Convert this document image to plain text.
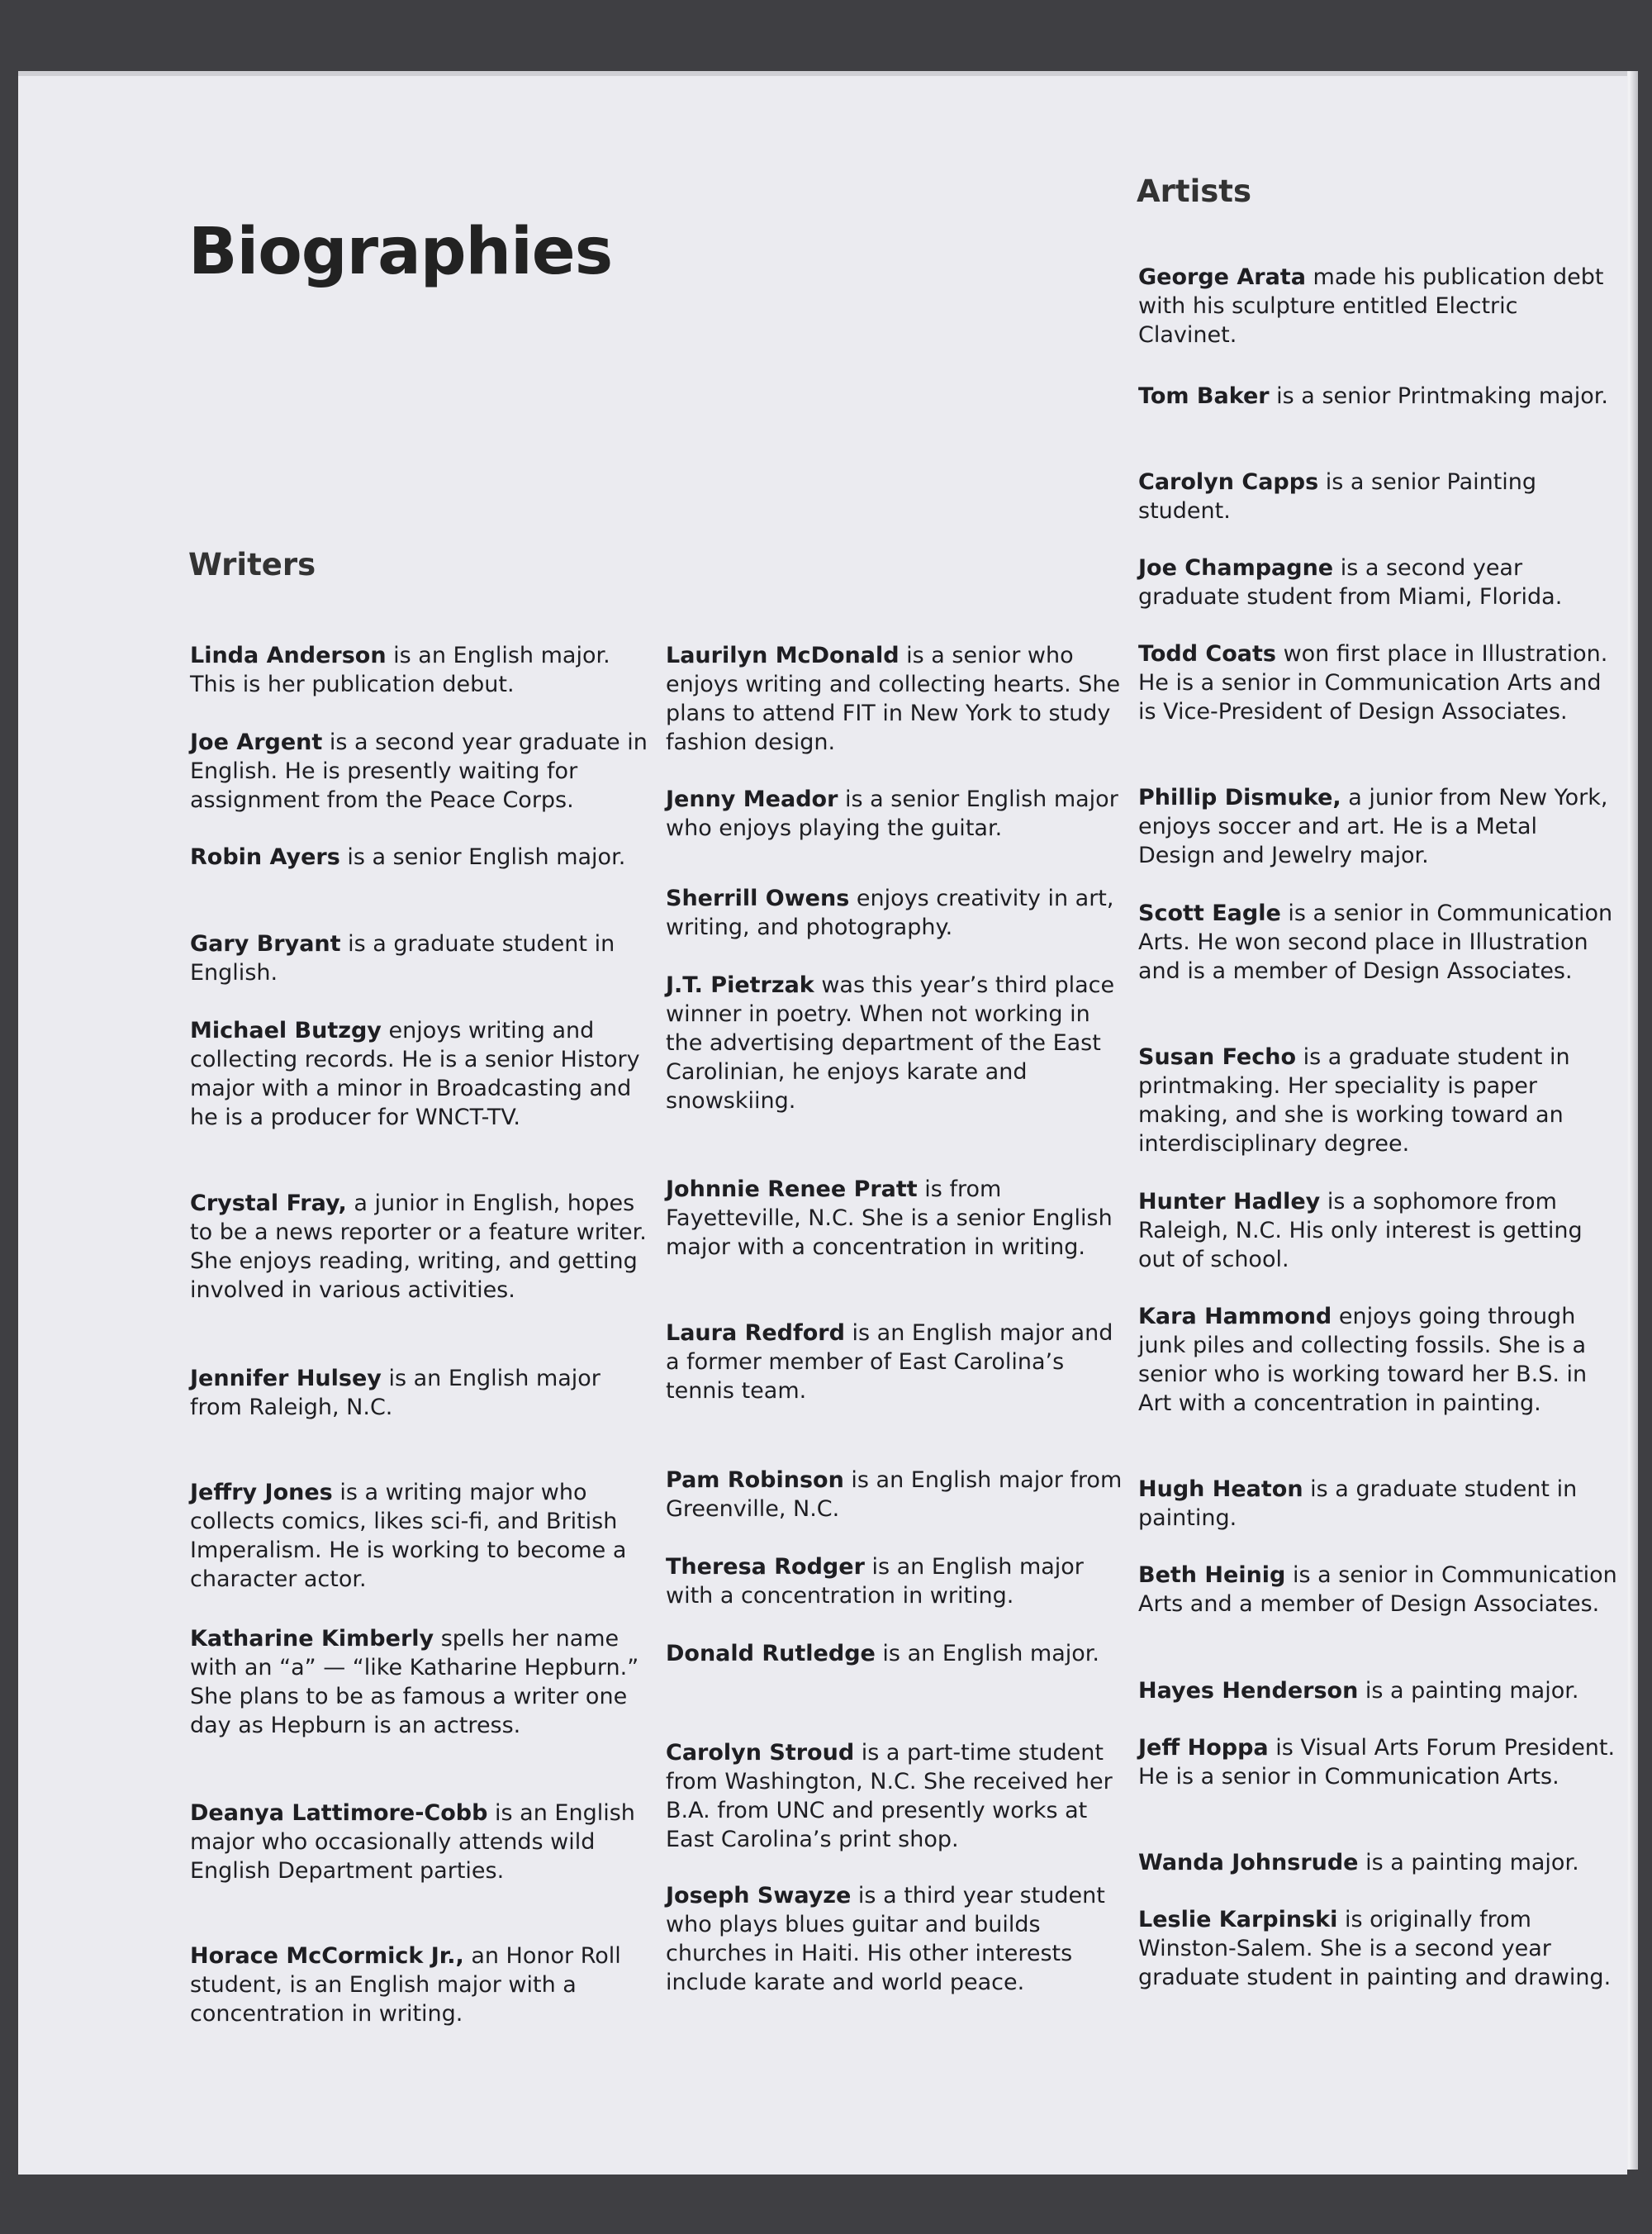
Biographies
Writers
Artists

Linda Anderson is an English major. This is her publication debut.

Joe Argent is a second year graduate in English. He is presently waiting for assignment from the Peace Corps.

Robin Ayers is a senior English major.

Gary Bryant is a graduate student in English.

Michael Butzgy enjoys writing and collecting records. He is a senior History major with a minor in Broadcasting and he is a producer for WNCT-TV.

Crystal Fray, a junior in English, hopes to be a news reporter or a feature writer. She enjoys reading, writing, and getting involved in various activities.

Jennifer Hulsey is an English major from Raleigh, N.C.

Jeffry Jones is a writing major who collects comics, likes sci-fi, and British Imperalism. He is working to become a character actor.

Katharine Kimberly spells her name with an “a” — “like Katharine Hepburn.” She plans to be as famous a writer one day as Hepburn is an actress.

Deanya Lattimore-Cobb is an English major who occasionally attends wild English Department parties.

Horace McCormick Jr., an Honor Roll student, is an English major with a concentration in writing.

Laurilyn McDonald is a senior who enjoys writing and collecting hearts. She plans to attend FIT in New York to study fashion design.

Jenny Meador is a senior English major who enjoys playing the guitar.

Sherrill Owens enjoys creativity in art, writing, and photography.

J.T. Pietrzak was this year’s third place winner in poetry. When not working in the advertising department of the East Carolinian, he enjoys karate and snowskiing.

Johnnie Renee Pratt is from Fayetteville, N.C. She is a senior English major with a concentration in writing.

Laura Redford is an English major and a former member of East Carolina’s tennis team.

Pam Robinson is an English major from Greenville, N.C.

Theresa Rodger is an English major with a concentration in writing.

Donald Rutledge is an English major.

Carolyn Stroud is a part-time student from Washington, N.C. She received her B.A. from UNC and presently works at East Carolina’s print shop.

Joseph Swayze is a third year student who plays blues guitar and builds churches in Haiti. His other interests include karate and world peace.

George Arata made his publication debt with his sculpture entitled Electric Clavinet.

Tom Baker is a senior Printmaking major.

Carolyn Capps is a senior Painting student.

Joe Champagne is a second year graduate student from Miami, Florida.

Todd Coats won first place in Illustration. He is a senior in Communication Arts and is Vice-President of Design Associates.

Phillip Dismuke, a junior from New York, enjoys soccer and art. He is a Metal Design and Jewelry major.

Scott Eagle is a senior in Communication Arts. He won second place in Illustration and is a member of Design Associates.

Susan Fecho is a graduate student in printmaking. Her speciality is paper making, and she is working toward an interdisciplinary degree.

Hunter Hadley is a sophomore from Raleigh, N.C. His only interest is getting out of school.

Kara Hammond enjoys going through junk piles and collecting fossils. She is a senior who is working toward her B.S. in Art with a concentration in painting.

Hugh Heaton is a graduate student in painting.

Beth Heinig is a senior in Communication Arts and a member of Design Associates.

Hayes Henderson is a painting major.

Jeff Hoppa is Visual Arts Forum President. He is a senior in Communication Arts.

Wanda Johnsrude is a painting major.

Leslie Karpinski is originally from Winston-Salem. She is a second year graduate student in painting and drawing.
